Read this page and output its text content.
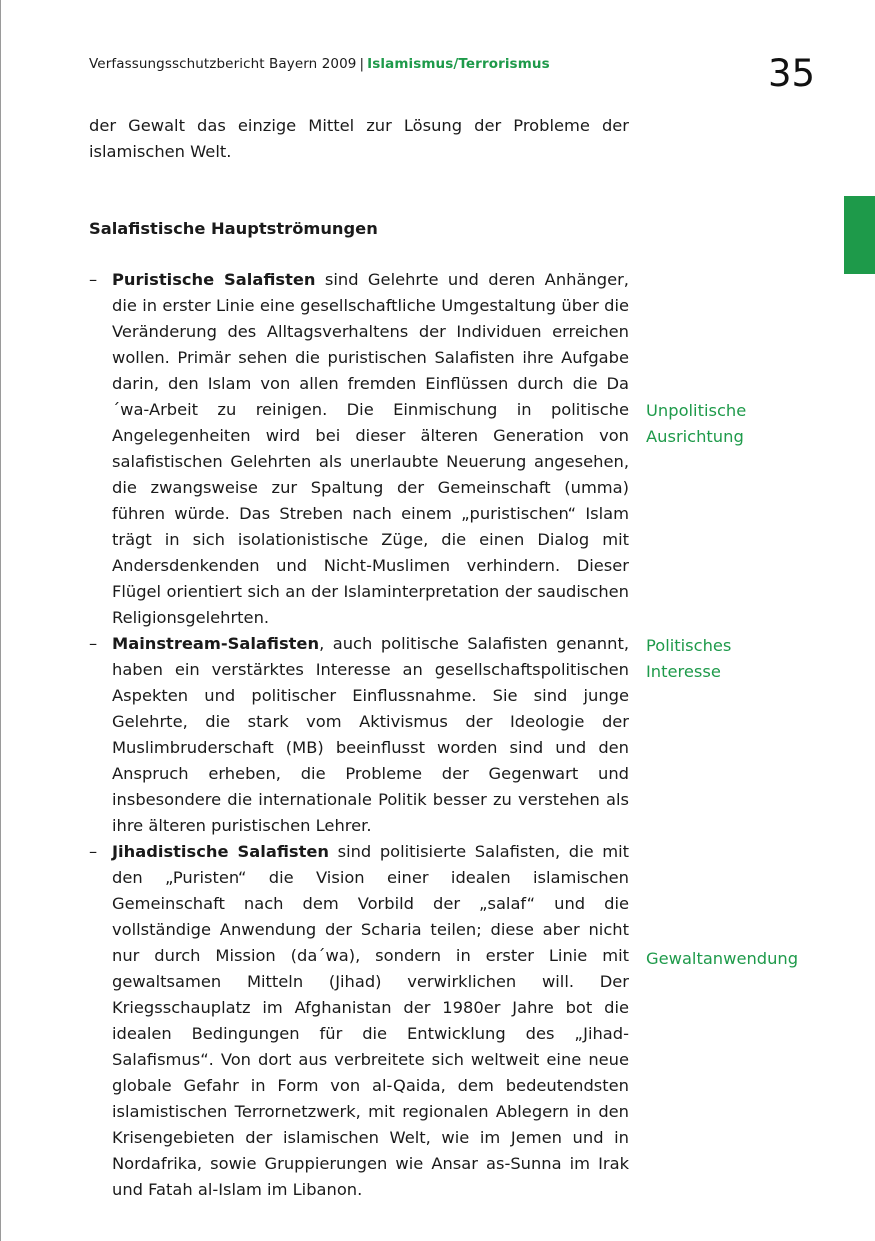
Verfassungsschutzbericht Bayern 2009 | Islamismus/Terrorismus	35
der Gewalt das einzige Mittel zur Lösung der Probleme der islamischen Welt.
Salafistische Hauptströmungen
– Puristische Salafisten sind Gelehrte und deren Anhänger, die in erster Linie eine gesellschaftliche Umgestaltung über die Veränderung des Alltagsverhaltens der Individuen erreichen wollen. Primär sehen die puristischen Salafisten ihre Aufgabe darin, den Islam von allen fremden Einflüssen durch die Da´wa-Arbeit zu reinigen. Die Einmischung in politische Angelegenheiten wird bei dieser älteren Generation von salafistischen Gelehrten als unerlaubte Neuerung angesehen, die zwangsweise zur Spaltung der Gemeinschaft (umma) führen würde. Das Streben nach einem „puristischen“ Islam trägt in sich isolationistische Züge, die einen Dialog mit Andersdenkenden und Nicht-Muslimen verhindern. Dieser Flügel orientiert sich an der Islaminterpretation der saudischen Religionsgelehrten.
– Mainstream-Salafisten, auch politische Salafisten genannt, haben ein verstärktes Interesse an gesellschaftspolitischen Aspekten und politischer Einflussnahme. Sie sind junge Gelehrte, die stark vom Aktivismus der Ideologie der Muslimbruderschaft (MB) beeinflusst worden sind und den Anspruch erheben, die Probleme der Gegenwart und insbesondere die internationale Politik besser zu verstehen als ihre älteren puristischen Lehrer.
– Jihadistische Salafisten sind politisierte Salafisten, die mit den „Puristen“ die Vision einer idealen islamischen Gemeinschaft nach dem Vorbild der „salaf“ und die vollständige Anwendung der Scharia teilen; diese aber nicht nur durch Mission (da´wa), sondern in erster Linie mit gewaltsamen Mitteln (Jihad) verwirklichen will. Der Kriegsschauplatz im Afghanistan der 1980er Jahre bot die idealen Bedingungen für die Entwicklung des „Jihad-Salafismus“. Von dort aus verbreitete sich weltweit eine neue globale Gefahr in Form von al-Qaida, dem bedeutendsten islamistischen Terrornetzwerk, mit regionalen Ablegern in den Krisengebieten der islamischen Welt, wie im Jemen und in Nordafrika, sowie Gruppierungen wie Ansar as-Sunna im Irak und Fatah al-Islam im Libanon.
Unpolitische
Ausrichtung
Politisches
Interesse
Gewaltanwendung
